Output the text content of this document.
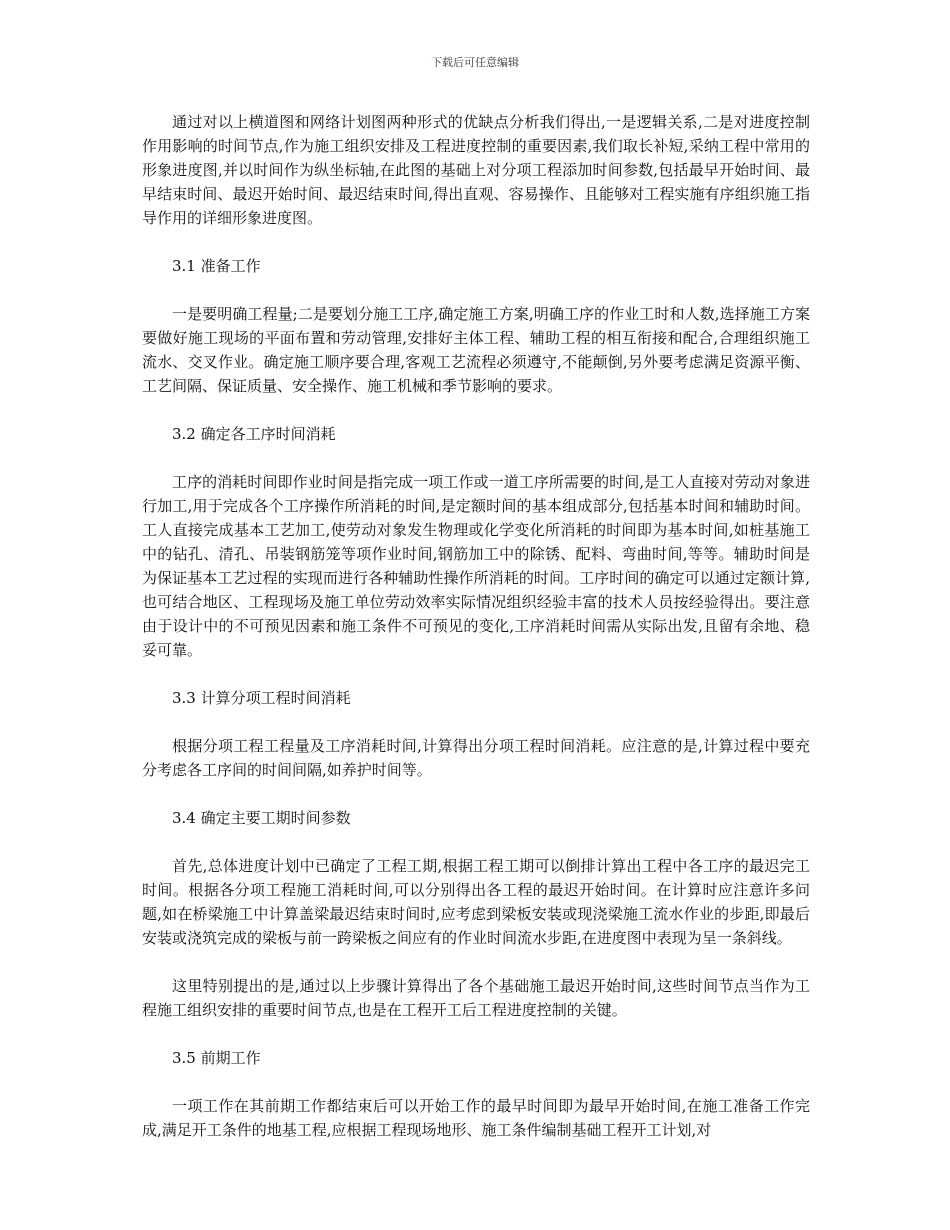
下载后可任意编辑

通过对以上横道图和网络计划图两种形式的优缺点分析我们得出,一是逻辑关系,二是对进度控制作用影响的时间节点,作为施工组织安排及工程进度控制的重要因素,我们取长补短,采纳工程中常用的形象进度图,并以时间作为纵坐标轴,在此图的基础上对分项工程添加时间参数,包括最早开始时间、最早结束时间、最迟开始时间、最迟结束时间,得出直观、容易操作、且能够对工程实施有序组织施工指导作用的详细形象进度图。

3.1 准备工作

一是要明确工程量;二是要划分施工工序,确定施工方案,明确工序的作业工时和人数,选择施工方案要做好施工现场的平面布置和劳动管理,安排好主体工程、辅助工程的相互衔接和配合,合理组织施工流水、交叉作业。确定施工顺序要合理,客观工艺流程必须遵守,不能颠倒,另外要考虑满足资源平衡、工艺间隔、保证质量、安全操作、施工机械和季节影响的要求。

3.2 确定各工序时间消耗

工序的消耗时间即作业时间是指完成一项工作或一道工序所需要的时间,是工人直接对劳动对象进行加工,用于完成各个工序操作所消耗的时间,是定额时间的基本组成部分,包括基本时间和辅助时间。工人直接完成基本工艺加工,使劳动对象发生物理或化学变化所消耗的时间即为基本时间,如桩基施工中的钻孔、清孔、吊装钢筋笼等项作业时间,钢筋加工中的除锈、配料、弯曲时间,等等。辅助时间是为保证基本工艺过程的实现而进行各种辅助性操作所消耗的时间。工序时间的确定可以通过定额计算,也可结合地区、工程现场及施工单位劳动效率实际情况组织经验丰富的技术人员按经验得出。要注意由于设计中的不可预见因素和施工条件不可预见的变化,工序消耗时间需从实际出发,且留有余地、稳妥可靠。

3.3 计算分项工程时间消耗

根据分项工程工程量及工序消耗时间,计算得出分项工程时间消耗。应注意的是,计算过程中要充分考虑各工序间的时间间隔,如养护时间等。

3.4 确定主要工期时间参数

首先,总体进度计划中已确定了工程工期,根据工程工期可以倒排计算出工程中各工序的最迟完工时间。根据各分项工程施工消耗时间,可以分别得出各工程的最迟开始时间。在计算时应注意许多问题,如在桥梁施工中计算盖梁最迟结束时间时,应考虑到梁板安装或现浇梁施工流水作业的步距,即最后安装或浇筑完成的梁板与前一跨梁板之间应有的作业时间流水步距,在进度图中表现为呈一条斜线。

这里特别提出的是,通过以上步骤计算得出了各个基础施工最迟开始时间,这些时间节点当作为工程施工组织安排的重要时间节点,也是在工程开工后工程进度控制的关键。

3.5 前期工作

一项工作在其前期工作都结束后可以开始工作的最早时间即为最早开始时间,在施工准备工作完成,满足开工条件的地基工程,应根据工程现场地形、施工条件编制基础工程开工计划,对
